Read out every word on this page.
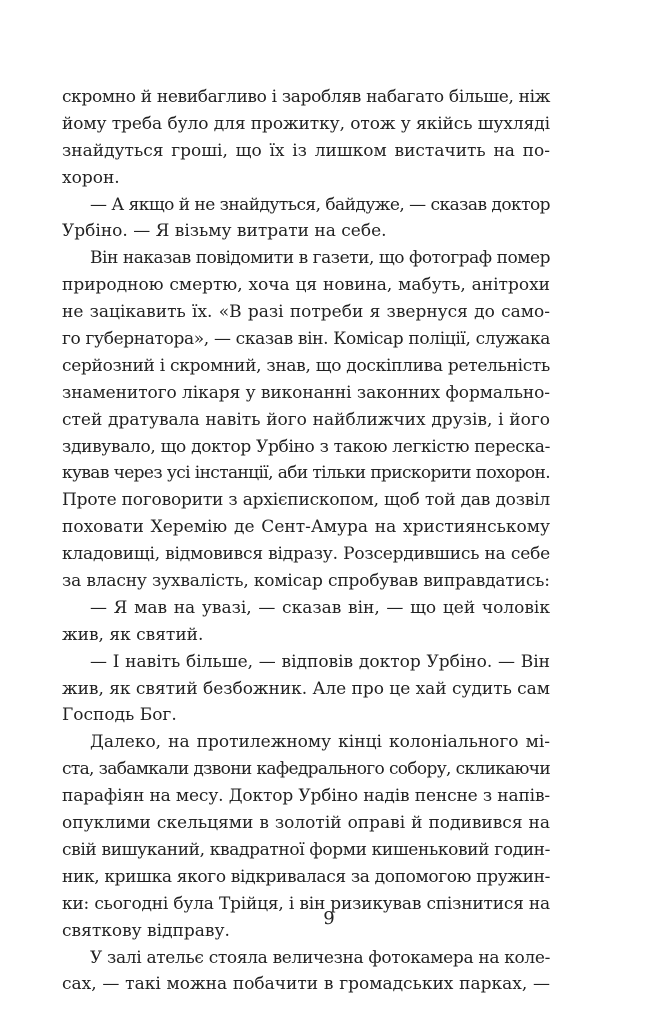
скромно й невибагливо і заробляв набагато більше, ніж
йому треба було для прожитку, отож у якійсь шухляді
знайдуться гроші, що їх із лишком вистачить на по-
хорон.
— А якщо й не знайдуться, байдуже, — сказав доктор
Урбіно. — Я візьму витрати на себе.
Він наказав повідомити в газети, що фотограф помер
природною смертю, хоча ця новина, мабуть, анітрохи
не зацікавить їх. «В разі потреби я звернуся до само-
го губернатора», — сказав він. Комісар поліції, служака
серйозний і скромний, знав, що доскіплива ретельність
знаменитого лікаря у виконанні законних формально-
стей дратувала навіть його найближчих друзів, і його
здивувало, що доктор Урбіно з такою легкістю переска-
кував через усі інстанції, аби тільки прискорити похорон.
Проте поговорити з архієпископом, щоб той дав дозвіл
поховати Херемію де Сент-Амура на християнському
кладовищі, відмовився відразу. Розсердившись на себе
за власну зухвалість, комісар спробував виправдатись:
— Я мав на увазі, — сказав він, — що цей чоловік
жив, як святий.
— І навіть більше, — відповів доктор Урбіно. — Він
жив, як святий безбожник. Але про це хай судить сам
Господь Бог.
Далеко, на протилежному кінці колоніального мі-
ста, забамкали дзвони кафедрального собору, скликаючи
парафіян на месу. Доктор Урбіно надів пенсне з напів-
опуклими скельцями в золотій оправі й подивився на
свій вишуканий, квадратної форми кишеньковий годин-
ник, кришка якого відкривалася за допомогою пружин-
ки: сьогодні була Трійця, і він ризикував спізнитися на
святкову відправу.
У залі ательє стояла величезна фотокамера на коле-
сах, — такі можна побачити в громадських парках, —
9
